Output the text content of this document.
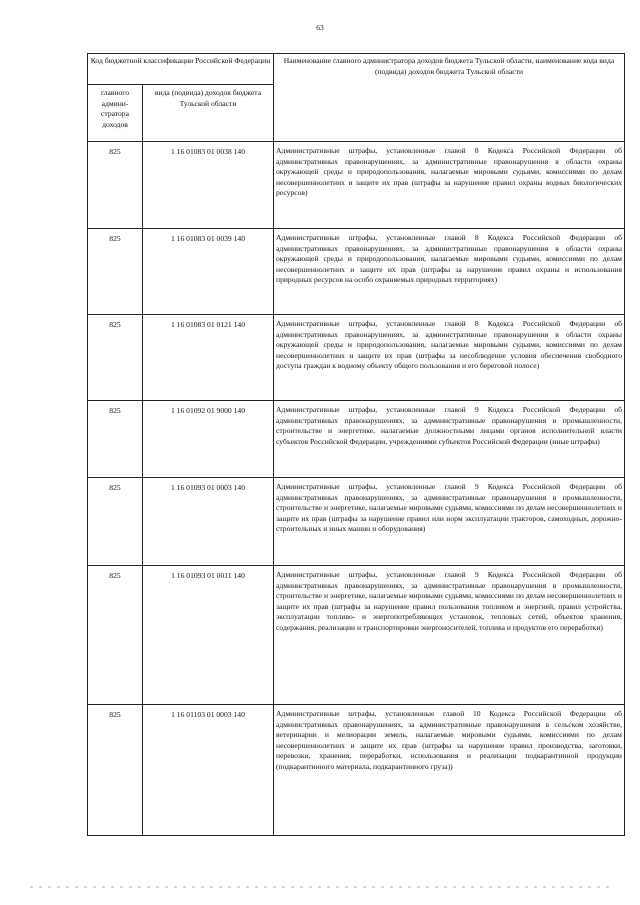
63
Код бюджетной классификации Российской Федерации		Наименование главного администратора доходов бюджета Тульской области, наименование кода вида (подвида) доходов бюджета Тульской области
главного админи-стратора доходов	вида (подвида) доходов бюджета Тульской области	
825	1 16 01083 01 0038 140	Административные штрафы, установленные главой 8 Кодекса Российской Федерации об административных правонарушениях, за административные правонарушения в области охраны окружающей среды и природопользования, налагаемые мировыми судьями, комиссиями по делам несовершеннолетних и защите их прав (штрафы за нарушение правил охраны водных биологических ресурсов)
825	1 16 01083 01 0039 140	Административные штрафы, установленные главой 8 Кодекса Российской Федерации об административных правонарушениях, за административные правонарушения в области охраны окружающей среды и природопользования, налагаемые мировыми судьями, комиссиями по делам несовершеннолетних и защите их прав (штрафы за нарушение правил охраны и использования природных ресурсов на особо охраняемых природных территориях)
825	1 16 01083 01 0121 140	Административные штрафы, установленные главой 8 Кодекса Российской Федерации об административных правонарушениях, за административные правонарушения в области охраны окружающей среды и природопользования, налагаемые мировыми судьями, комиссиями по делам несовершеннолетних и защите их прав (штрафы за несоблюдение условия обеспечения свободного доступа граждан к водному объекту общего пользования и его береговой полосе)
825	1 16 01092 01 9000 140	Административные штрафы, установленные главой 9 Кодекса Российской Федерации об административных правонарушениях, за административные правонарушения в промышленности, строительстве и энергетике, налагаемые должностными лицами органов исполнительной власти субъектов Российской Федерации, учреждениями субъектов Российской Федерации (иные штрафы)
825	1 16 01093 01 0003 140	Административные штрафы, установленные главой 9 Кодекса Российской Федерации об административных правонарушениях, за административные правонарушения в промышленности, строительстве и энергетике, налагаемые мировыми судьями, комиссиями по делам несовершеннолетних и защите их прав (штрафы за нарушение правил или норм эксплуатации тракторов, самоходных, дорожно-строительных и иных машин и оборудования)
825	1 16 01093 01 0011 140	Административные штрафы, установленные главой 9 Кодекса Российской Федерации об административных правонарушениях, за административные правонарушения в промышленности, строительстве и энергетике, налагаемые мировыми судьями, комиссиями по делам несовершеннолетних и защите их прав (штрафы за нарушение правил пользования топливом и энергией, правил устройства, эксплуатации топливо- и энергопотребляющих установок, тепловых сетей, объектов хранения, содержания, реализации и транспортировки энергоносителей, топлива и продуктов его переработки)
825	1 16 01103 01 0003 140	Административные штрафы, установленные главой 10 Кодекса Российской Федерации об административных правонарушениях, за административные правонарушения в сельском хозяйстве, ветеринарии и мелиорации земель, налагаемые мировыми судьями, комиссиями по делам несовершеннолетних и защите их прав (штрафы за нарушение правил производства, заготовки, перевозки, хранения, переработки, использования и реализации подкарантинной продукции (подкарантинного материала, подкарантинного груза))
